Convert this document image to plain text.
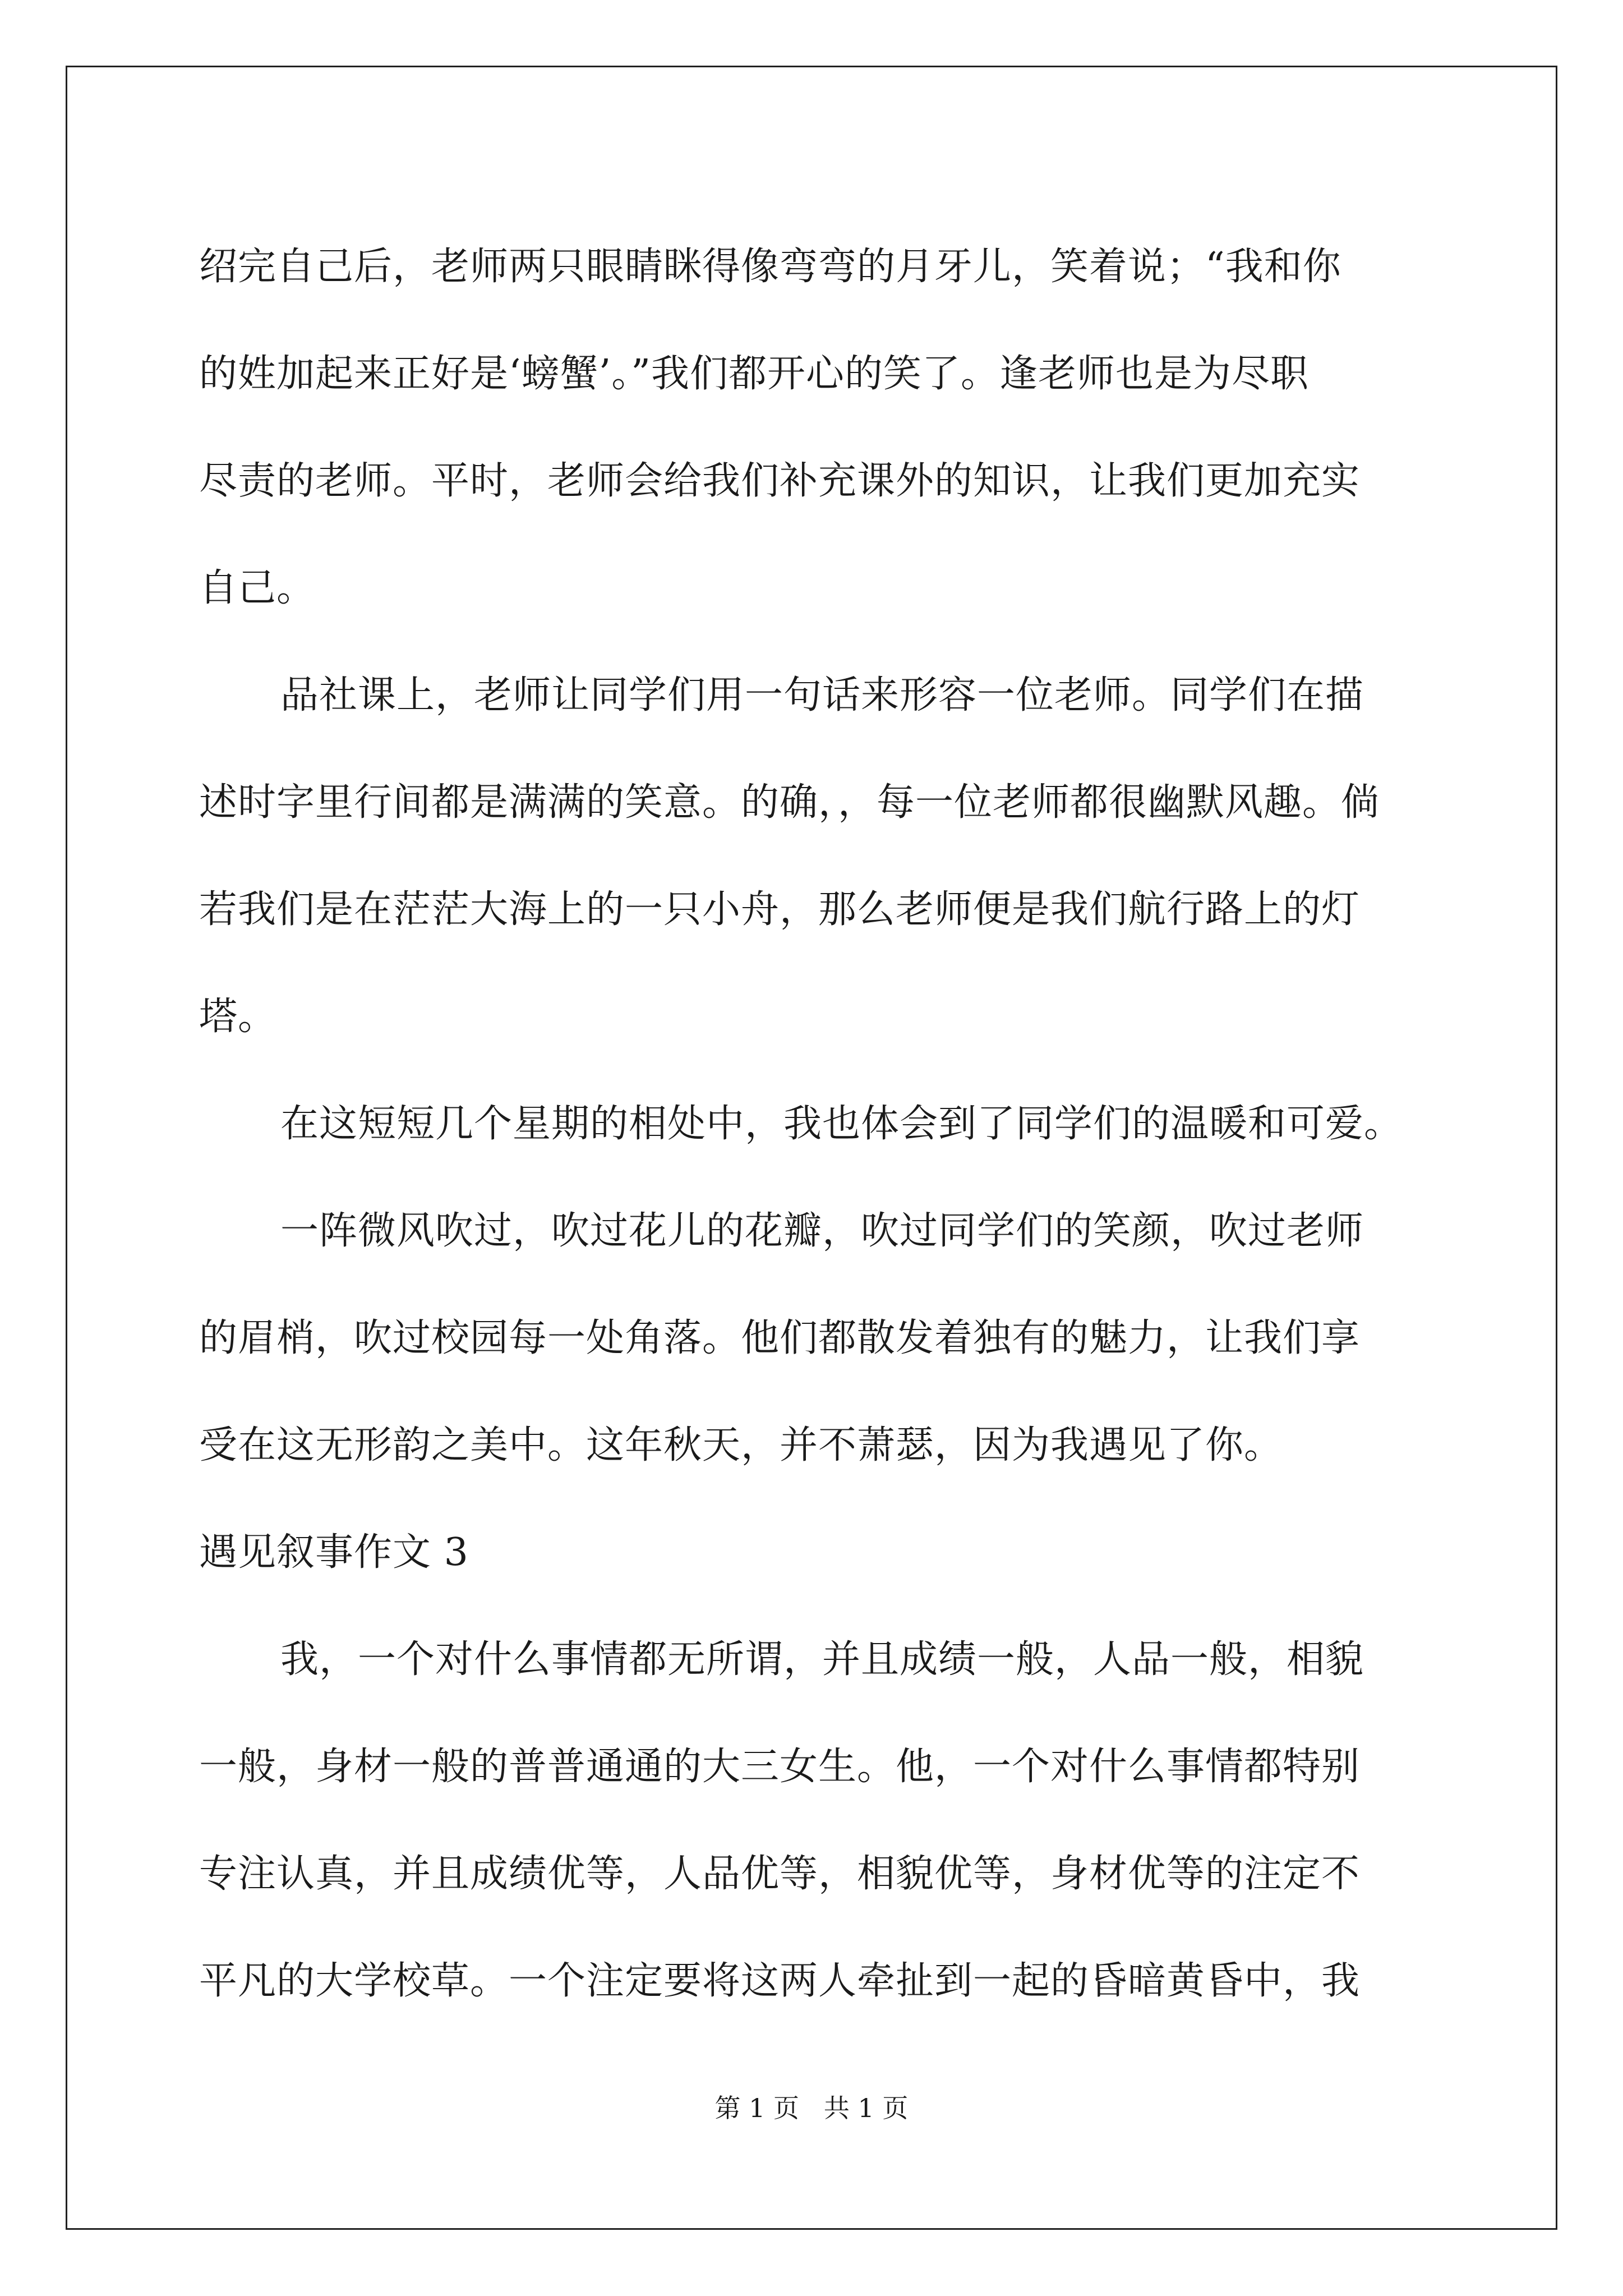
绍完自己后，老师两只眼睛眯得像弯弯的月牙儿，笑着说；“我和你
的姓加起来正好是‘螃蟹’。”我们都开心的笑了。逢老师也是为尽职
尽责的老师。平时，老师会给我们补充课外的知识，让我们更加充实
自己。
品社课上，老师让同学们用一句话来形容一位老师。同学们在描
述时字里行间都是满满的笑意。的确，，每一位老师都很幽默风趣。倘
若我们是在茫茫大海上的一只小舟，那么老师便是我们航行路上的灯
塔。
在这短短几个星期的相处中，我也体会到了同学们的温暖和可爱。
一阵微风吹过，吹过花儿的花瓣，吹过同学们的笑颜，吹过老师
的眉梢，吹过校园每一处角落。他们都散发着独有的魅力，让我们享
受在这无形韵之美中。这年秋天，并不萧瑟，因为我遇见了你。
遇见叙事作文 3
我，一个对什么事情都无所谓，并且成绩一般，人品一般，相貌
一般，身材一般的普普通通的大三女生。他，一个对什么事情都特别
专注认真，并且成绩优等，人品优等，相貌优等，身材优等的注定不
平凡的大学校草。一个注定要将这两人牵扯到一起的昏暗黄昏中，我
第 1 页   共 1 页
